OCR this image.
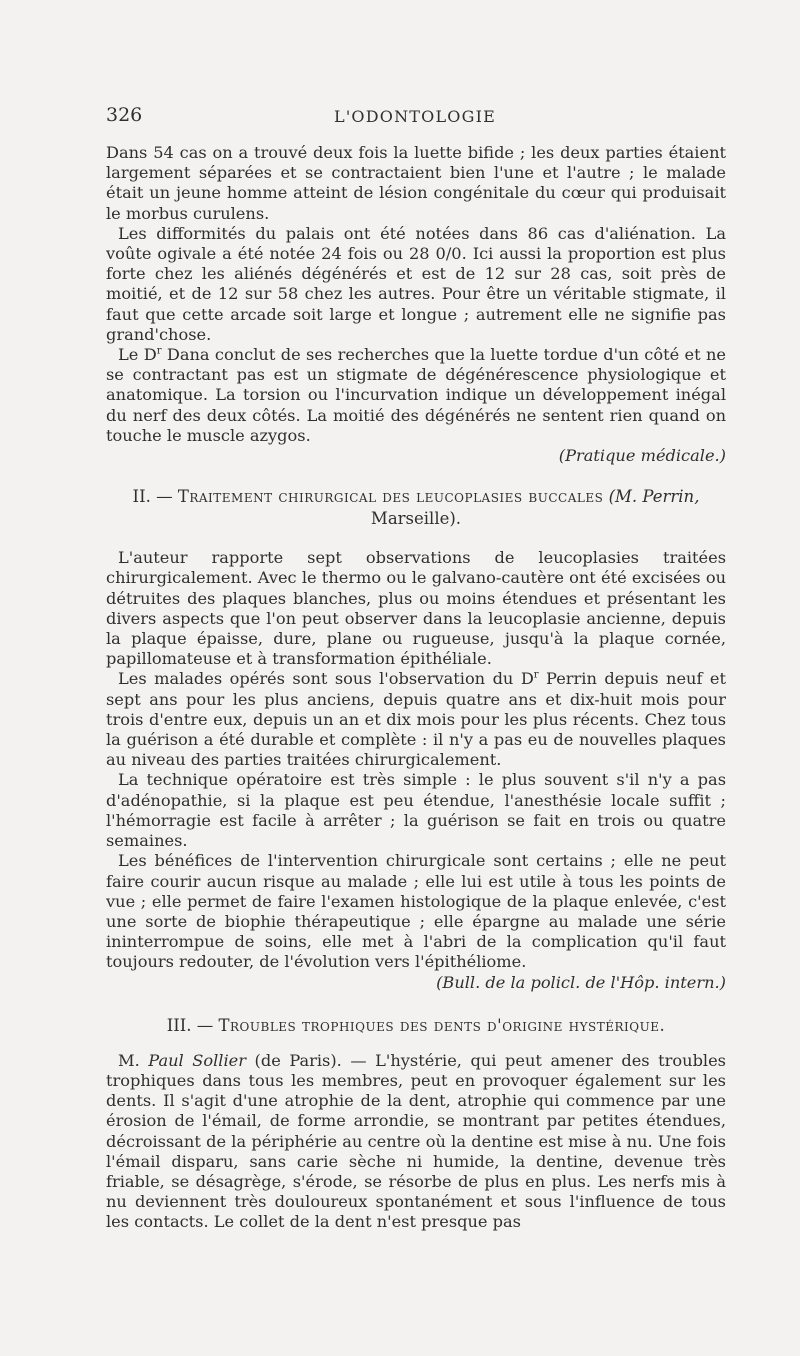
326	L'ODONTOLOGIE

Dans 54 cas on a trouvé deux fois la luette bifide ; les deux parties étaient largement séparées et se contractaient bien l'une et l'autre ; le malade était un jeune homme atteint de lésion congénitale du cœur qui produisait le morbus curulens.

Les difformités du palais ont été notées dans 86 cas d'aliénation. La voûte ogivale a été notée 24 fois ou 28 0/0. Ici aussi la proportion est plus forte chez les aliénés dégénérés et est de 12 sur 28 cas, soit près de moitié, et de 12 sur 58 chez les autres. Pour être un véritable stigmate, il faut que cette arcade soit large et longue ; autrement elle ne signifie pas grand'chose.

Le $D^r$ Dana conclut de ses recherches que la luette tordue d'un côté et ne se contractant pas est un stigmate de dégénérescence physiologique et anatomique. La torsion ou l'incurvation indique un développement inégal du nerf des deux côtés. La moitié des dégénérés ne sentent rien quand on touche le muscle azygos.

(Pratique médicale.)

II. — Traitement chirurgical des leucoplasies buccales (M. Perrin,
Marseille).

L'auteur rapporte sept observations de leucoplasies traitées chirurgicalement. Avec le thermo ou le galvano-cautère ont été excisées ou détruites des plaques blanches, plus ou moins étendues et présentant les divers aspects que l'on peut observer dans la leucoplasie ancienne, depuis la plaque épaisse, dure, plane ou rugueuse, jusqu'à la plaque cornée, papillomateuse et à transformation épithéliale.

Les malades opérés sont sous l'observation du $D^r$ Perrin depuis neuf et sept ans pour les plus anciens, depuis quatre ans et dix-huit mois pour trois d'entre eux, depuis un an et dix mois pour les plus récents. Chez tous la guérison a été durable et complète : il n'y a pas eu de nouvelles plaques au niveau des parties traitées chirurgicalement.

La technique opératoire est très simple : le plus souvent s'il n'y a pas d'adénopathie, si la plaque est peu étendue, l'anesthésie locale suffit ; l'hémorragie est facile à arrêter ; la guérison se fait en trois ou quatre semaines.

Les bénéfices de l'intervention chirurgicale sont certains ; elle ne peut faire courir aucun risque au malade ; elle lui est utile à tous les points de vue ; elle permet de faire l'examen histologique de la plaque enlevée, c'est une sorte de biophie thérapeutique ; elle épargne au malade une série ininterrompue de soins, elle met à l'abri de la complication qu'il faut toujours redouter, de l'évolution vers l'épithéliome.

(Bull. de la policl. de l'Hôp. intern.)

III. — Troubles trophiques des dents d'origine hystérique.

M. Paul Sollier (de Paris). — L'hystérie, qui peut amener des troubles trophiques dans tous les membres, peut en provoquer également sur les dents. Il s'agit d'une atrophie de la dent, atrophie qui commence par une érosion de l'émail, de forme arrondie, se montrant par petites étendues, décroissant de la périphérie au centre où la dentine est mise à nu. Une fois l'émail disparu, sans carie sèche ni humide, la dentine, devenue très friable, se désagrège, s'érode, se résorbe de plus en plus. Les nerfs mis à nu deviennent très douloureux spontanément et sous l'influence de tous les contacts. Le collet de la dent n'est presque pas
